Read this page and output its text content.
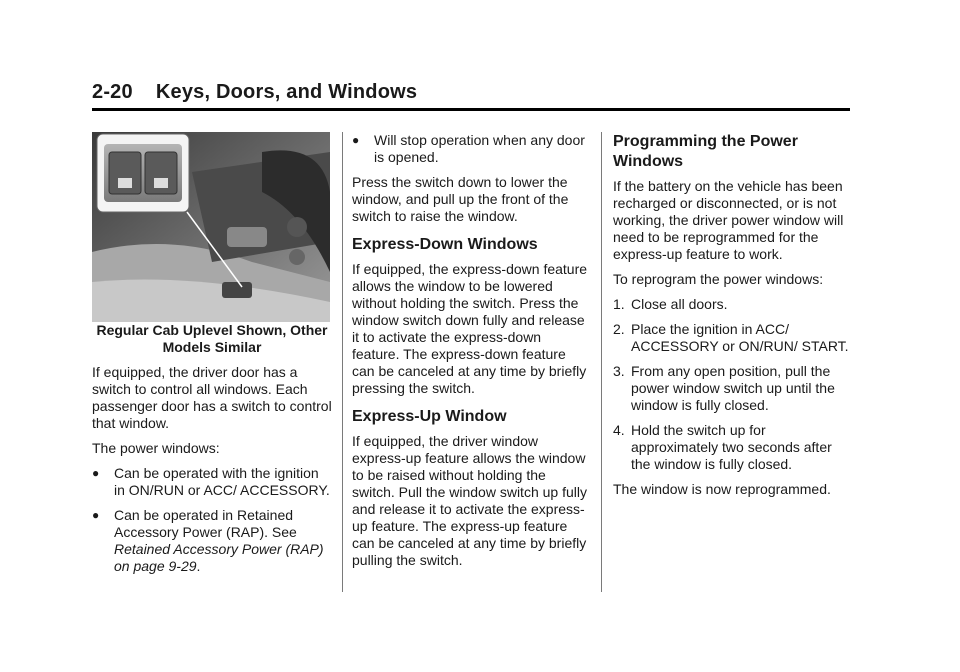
2-20 Keys, Doors, and Windows

Regular Cab Uplevel Shown, Other Models Similar

If equipped, the driver door has a switch to control all windows. Each passenger door has a switch to control that window.

The power windows:

● Can be operated with the ignition in ON/RUN or ACC/ ACCESSORY.
● Can be operated in Retained Accessory Power (RAP). See Retained Accessory Power (RAP) on page 9-29.
● Will stop operation when any door is opened.

Press the switch down to lower the window, and pull up the front of the switch to raise the window.

Express-Down Windows

If equipped, the express-down feature allows the window to be lowered without holding the switch. Press the window switch down fully and release it to activate the express-down feature. The express-down feature can be canceled at any time by briefly pressing the switch.

Express-Up Window

If equipped, the driver window express-up feature allows the window to be raised without holding the switch. Pull the window switch up fully and release it to activate the express-up feature. The express-up feature can be canceled at any time by briefly pulling the switch.

Programming the Power Windows

If the battery on the vehicle has been recharged or disconnected, or is not working, the driver power window will need to be reprogrammed for the express-up feature to work.

To reprogram the power windows:

1. Close all doors.
2. Place the ignition in ACC/ ACCESSORY or ON/RUN/ START.
3. From any open position, pull the power window switch up until the window is fully closed.
4. Hold the switch up for approximately two seconds after the window is fully closed.

The window is now reprogrammed.
